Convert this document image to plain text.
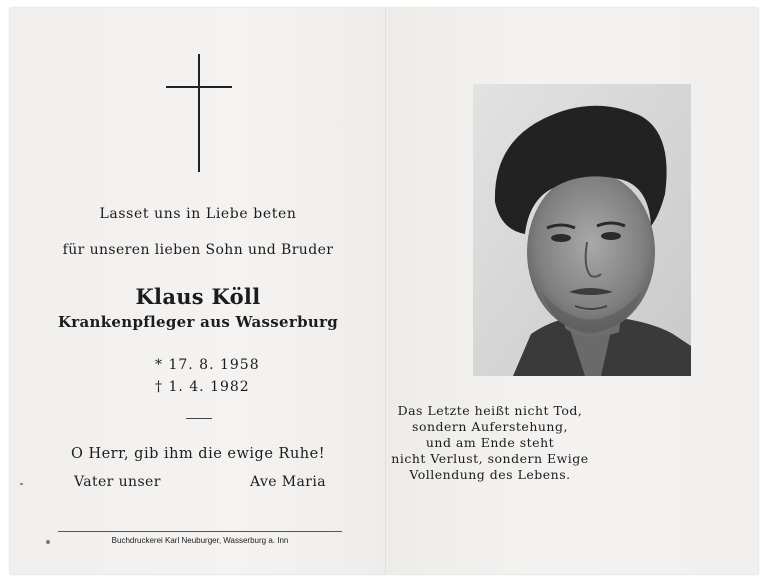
Lasset uns in Liebe beten
für unseren lieben Sohn und Bruder
Klaus Köll
Krankenpfleger aus Wasserburg
* 17. 8. 1958
† 1. 4. 1982
O Herr, gib ihm die ewige Ruhe!
Vater unser	Ave Maria
Buchdruckerei Karl Neuburger, Wasserburg a. Inn
Das Letzte heißt nicht Tod,
sondern Auferstehung,
und am Ende steht
nicht Verlust, sondern Ewige
Vollendung des Lebens.
